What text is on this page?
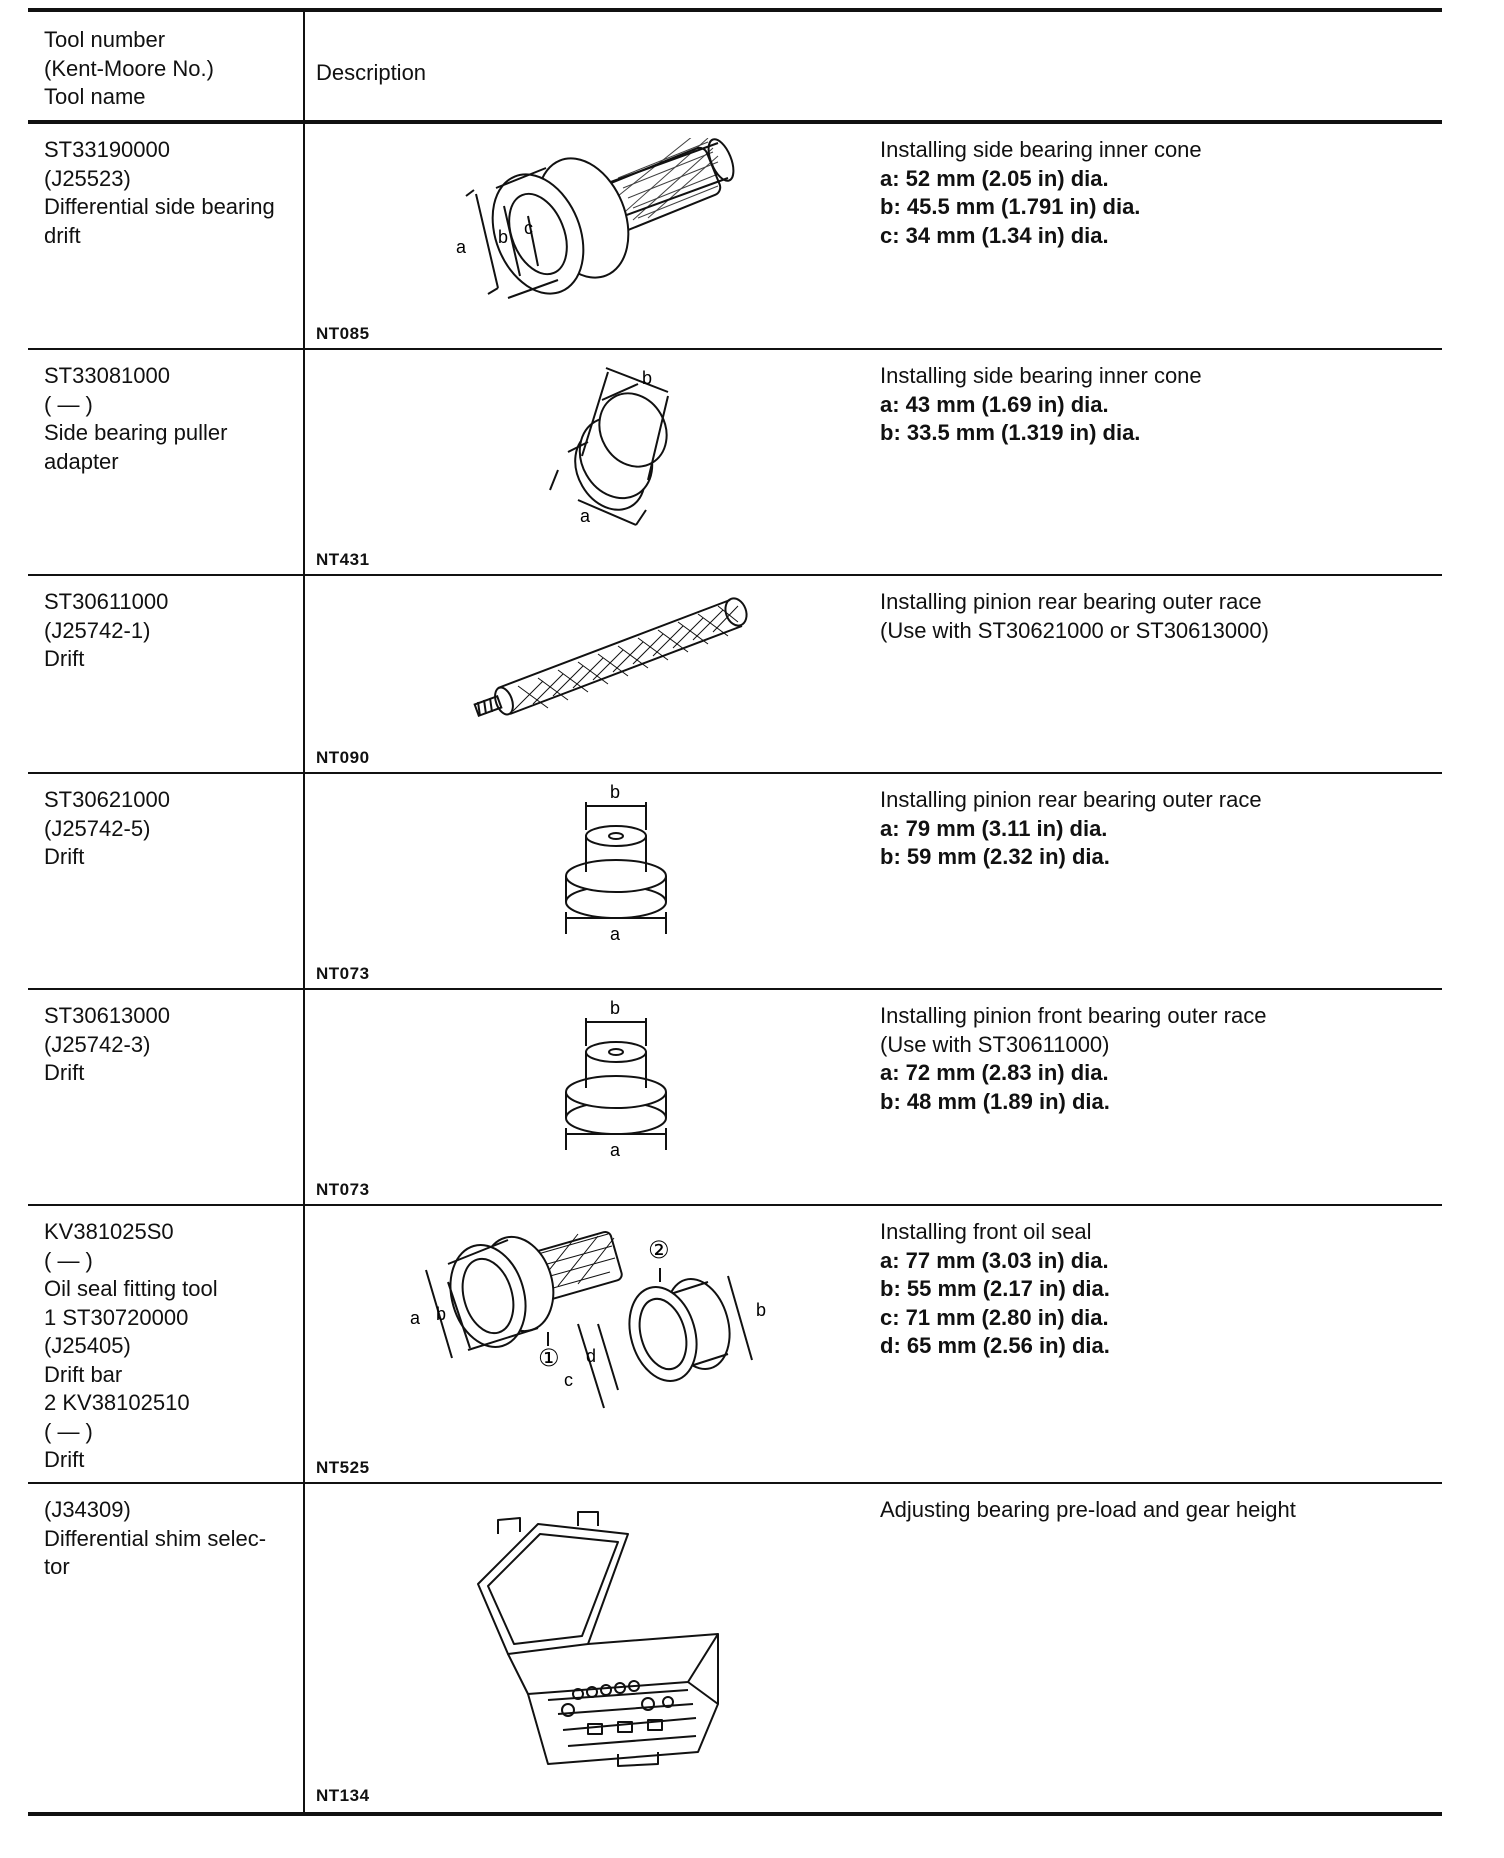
Tool number
(Kent-Moore No.)
Tool name
Description
ST33190000
(J25523)
Differential side bearing
drift	a b c
Installing side bearing inner cone
a: 52 mm (2.05 in) dia.
b: 45.5 mm (1.791 in) dia.
c: 34 mm (1.34 in) dia.
NT085
ST33081000
( — )
Side bearing puller
adapter
b
a
Installing side bearing inner cone
a: 43 mm (1.69 in) dia.
b: 33.5 mm (1.319 in) dia.
NT431
ST30611000
(J25742-1)
Drift
Installing pinion rear bearing outer race
(Use with ST30621000 or ST30613000)
NT090
ST30621000
(J25742-5)
Drift
b
a
Installing pinion rear bearing outer race
a: 79 mm (3.11 in) dia.
b: 59 mm (2.32 in) dia.
NT073
ST30613000
(J25742-3)
Drift
b
a
Installing pinion front bearing outer race
(Use with ST30611000)
a: 72 mm (2.83 in) dia.
b: 48 mm (1.89 in) dia.
NT073
KV381025S0
( — )
Oil seal fitting tool
1 ST30720000
(J25405)
Drift bar
2 KV38102510
( — )
Drift
a b
c
d
b
①
②
Installing front oil seal
a: 77 mm (3.03 in) dia.
b: 55 mm (2.17 in) dia.
c: 71 mm (2.80 in) dia.
d: 65 mm (2.56 in) dia.
NT525
(J34309)
Differential shim selec-
tor
Adjusting bearing pre-load and gear height
NT134
